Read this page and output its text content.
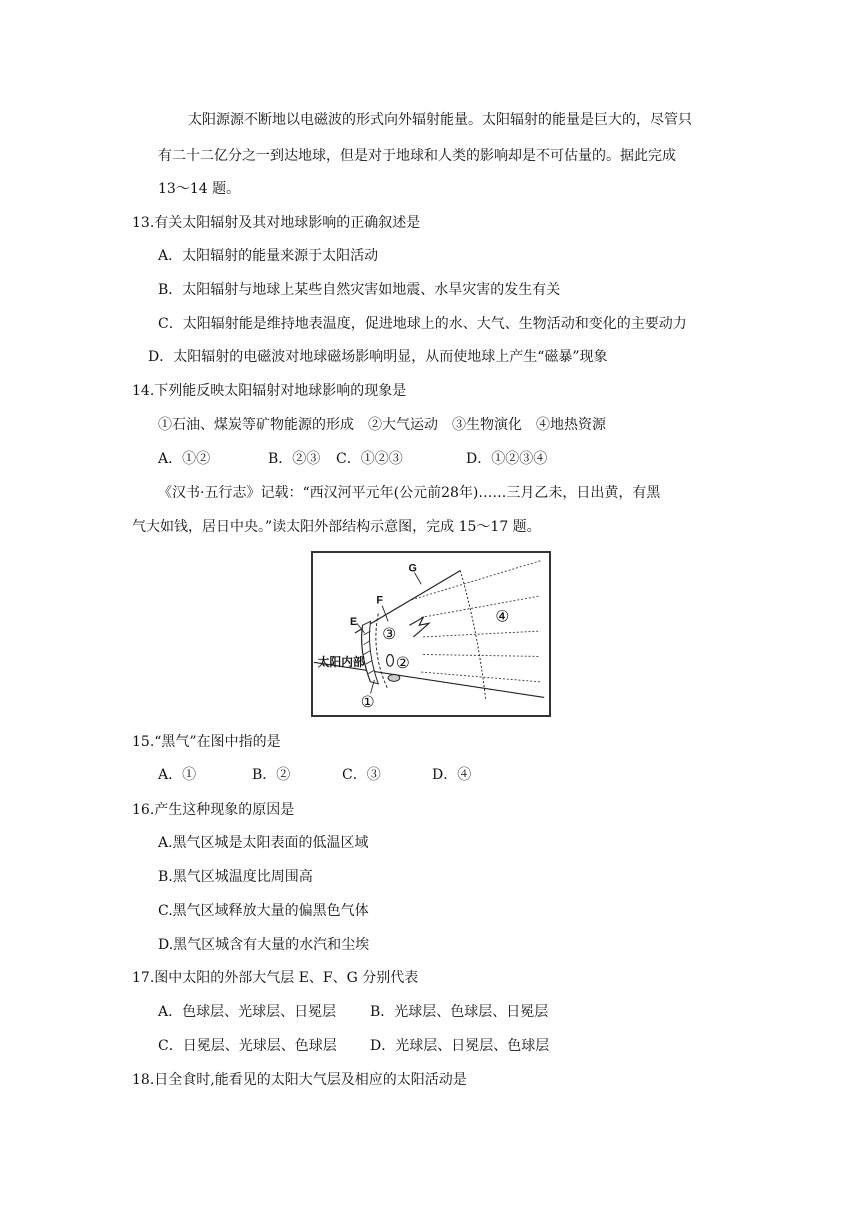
太阳源源不断地以电磁波的形式向外辐射能量。太阳辐射的能量是巨大的，尽管只
有二十二亿分之一到达地球，但是对于地球和人类的影响却是不可估量的。据此完成
13～14 题。
13.有关太阳辐射及其对地球影响的正确叙述是
A．太阳辐射的能量来源于太阳活动
B．太阳辐射与地球上某些自然灾害如地震、水旱灾害的发生有关
C．太阳辐射能是维持地表温度，促进地球上的水、大气、生物活动和变化的主要动力
D．太阳辐射的电磁波对地球磁场影响明显，从而使地球上产生“磁暴”现象
14.下列能反映太阳辐射对地球影响的现象是
①石油、煤炭等矿物能源的形成　②大气运动　③生物演化　④地热资源
A．①②	B．②③ C．①②③	D．①②③④
《汉书·五行志》记载：“西汉河平元年(公元前28年)……三月乙未，日出黄，有黑
气大如钱，居日中央。”读太阳外部结构示意图，完成 15～17 题。
G
F
E
太阳内部
①
②
③
④
15.“黑气”在图中指的是
A．①	B．②	C．③	D．④
16.产生这种现象的原因是
A.黑气区城是太阳表面的低温区域
B.黑气区城温度比周围高
C.黑气区域释放大量的偏黑色气体
D.黑气区城含有大量的水汽和尘埃
17.图中太阳的外部大气层 E、F、G 分别代表
A．色球层、光球层、日冕层 B．光球层、色球层、日冕层
C．日冕层、光球层、色球层 D．光球层、日冕层、色球层
18.日全食时,能看见的太阳大气层及相应的太阳活动是
